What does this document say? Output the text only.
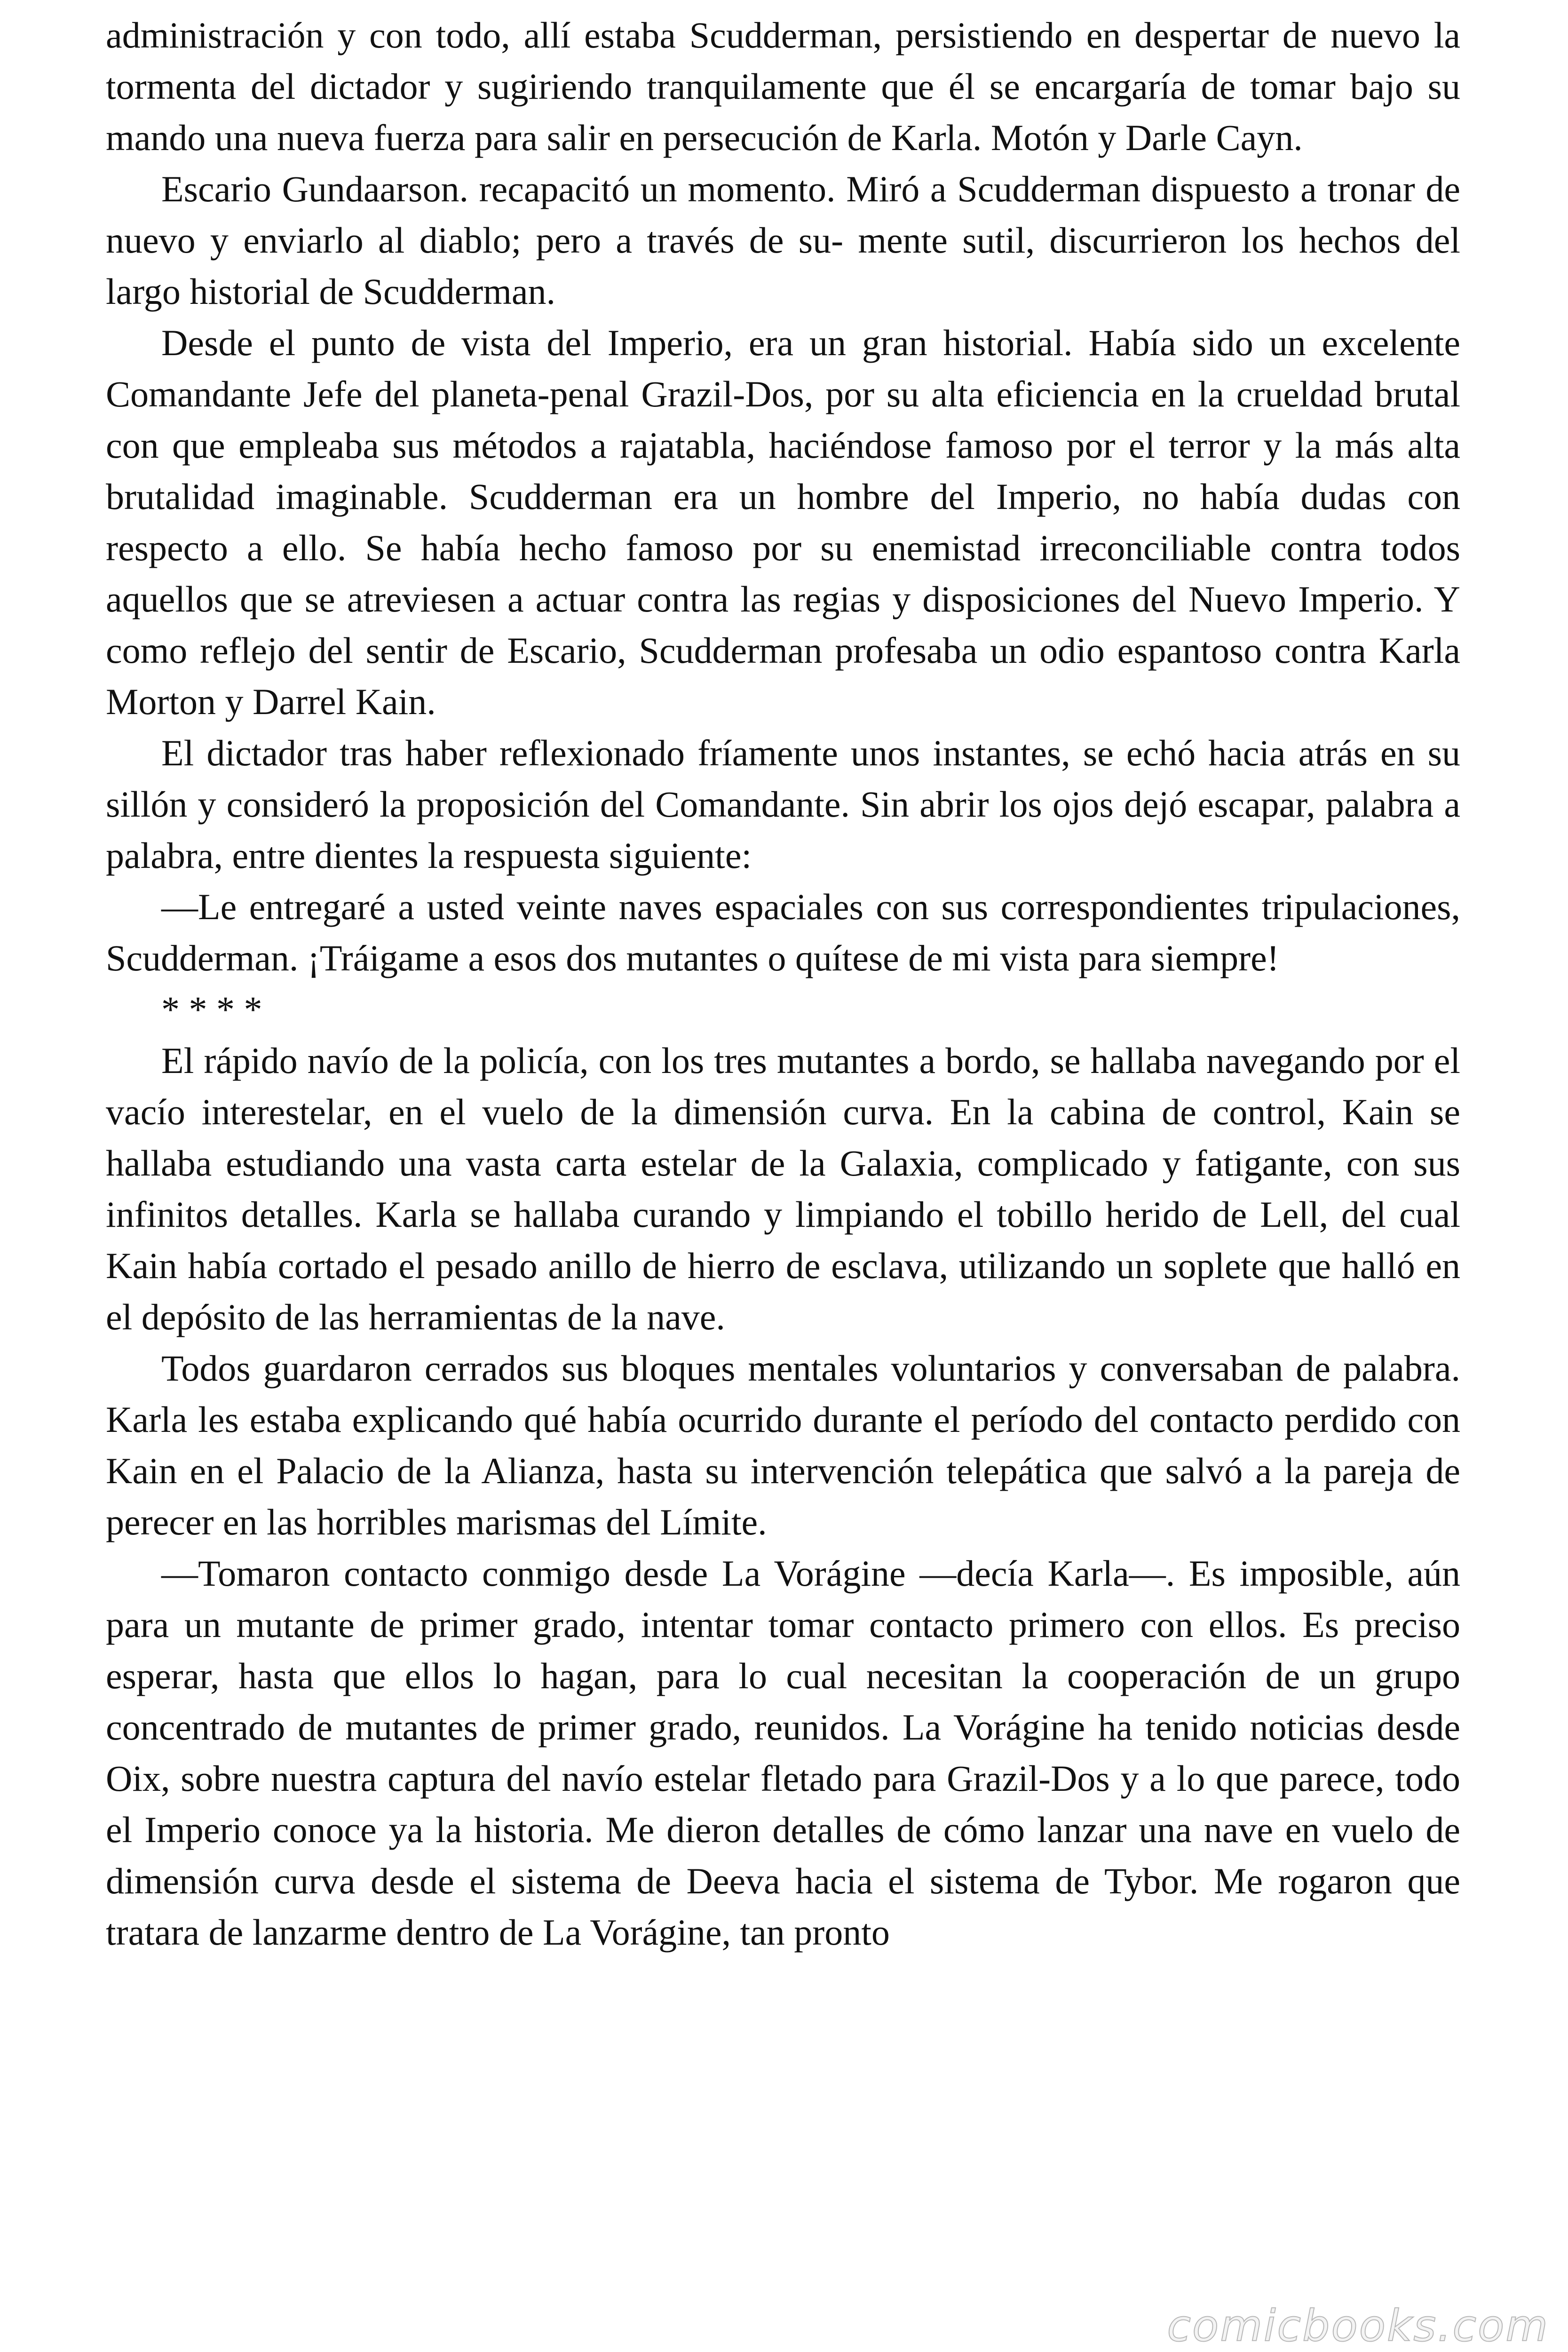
administración y con todo, allí estaba Scudderman, persistiendo en despertar de nuevo la tormenta del dictador y sugiriendo tranquilamente que él se encargaría de tomar bajo su mando una nueva fuerza para salir en persecución de Karla. Motón y Darle Cayn.

Escario Gundaarson. recapacitó un momento. Miró a Scudderman dispuesto a tronar de nuevo y enviarlo al diablo; pero a través de su- mente sutil, discurrieron los hechos del largo historial de Scudderman.

Desde el punto de vista del Imperio, era un gran historial. Había sido un excelente Comandante Jefe del planeta-penal Grazil-Dos, por su alta eficiencia en la crueldad brutal con que empleaba sus métodos a rajatabla, haciéndose famoso por el terror y la más alta brutalidad imaginable. Scudderman era un hombre del Imperio, no había dudas con respecto a ello. Se había hecho famoso por su enemistad irreconciliable contra todos aquellos que se atreviesen a actuar contra las regias y disposiciones del Nuevo Imperio. Y como reflejo del sentir de Escario, Scudderman profesaba un odio espantoso contra Karla Morton y Darrel Kain.

El dictador tras haber reflexionado fríamente unos instantes, se echó hacia atrás en su sillón y consideró la proposición del Comandante. Sin abrir los ojos dejó escapar, palabra a palabra, entre dientes la respuesta siguiente:

—Le entregaré a usted veinte naves espaciales con sus correspondientes tripulaciones, Scudderman. ¡Tráigame a esos dos mutantes o quítese de mi vista para siempre!

* * * *

El rápido navío de la policía, con los tres mutantes a bordo, se hallaba navegando por el vacío interestelar, en el vuelo de la dimensión curva. En la cabina de control, Kain se hallaba estudiando una vasta carta estelar de la Galaxia, complicado y fatigante, con sus infinitos detalles. Karla se hallaba curando y limpiando el tobillo herido de Lell, del cual Kain había cortado el pesado anillo de hierro de esclava, utilizando un soplete que halló en el depósito de las herramientas de la nave.

Todos guardaron cerrados sus bloques mentales voluntarios y conversaban de palabra. Karla les estaba explicando qué había ocurrido durante el período del contacto perdido con Kain en el Palacio de la Alianza, hasta su intervención telepática que salvó a la pareja de perecer en las horribles marismas del Límite.

—Tomaron contacto conmigo desde La Vorágine —decía Karla—. Es imposible, aún para un mutante de primer grado, intentar tomar contacto primero con ellos. Es preciso esperar, hasta que ellos lo hagan, para lo cual necesitan la cooperación de un grupo concentrado de mutantes de primer grado, reunidos. La Vorágine ha tenido noticias desde Oix, sobre nuestra captura del navío estelar fletado para Grazil-Dos y a lo que parece, todo el Imperio conoce ya la historia. Me dieron detalles de cómo lanzar una nave en vuelo de dimensión curva desde el sistema de Deeva hacia el sistema de Tybor. Me rogaron que tratara de lanzarme dentro de La Vorágine, tan pronto

comicbooks.com
